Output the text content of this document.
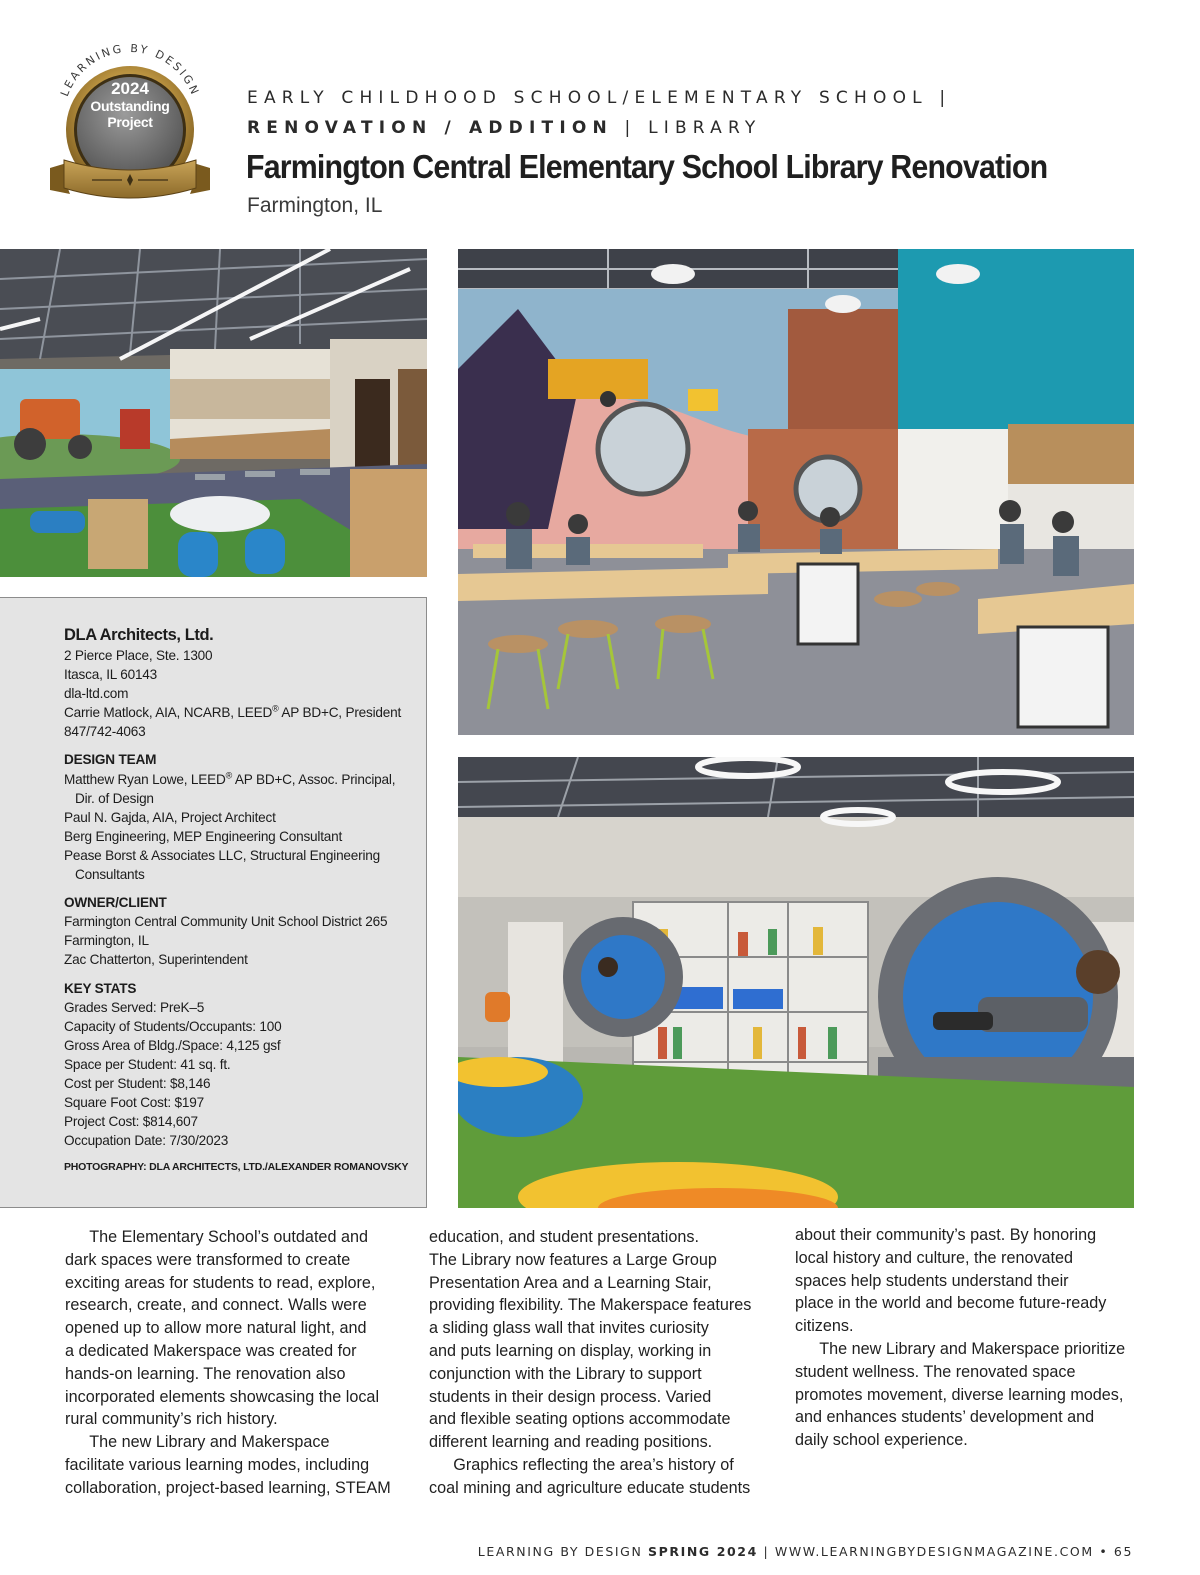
LEARNING BY DESIGN
2024
Outstanding
Project
EARLY CHILDHOOD SCHOOL/ELEMENTARY SCHOOL |
RENOVATION / ADDITION | LIBRARY
Farmington Central Elementary School Library Renovation
Farmington, IL
DLA Architects, Ltd.
2 Pierce Place, Ste. 1300
Itasca, IL 60143
dla-ltd.com
Carrie Matlock, AIA, NCARB, LEED® AP BD+C, President
847/742-4063
DESIGN TEAM
Matthew Ryan Lowe, LEED® AP BD+C, Assoc. Principal,
Dir. of Design
Paul N. Gajda, AIA, Project Architect
Berg Engineering, MEP Engineering Consultant
Pease Borst & Associates LLC, Structural Engineering
Consultants
OWNER/CLIENT
Farmington Central Community Unit School District 265
Farmington, IL
Zac Chatterton, Superintendent
KEY STATS
Grades Served: PreK–5
Capacity of Students/Occupants: 100
Gross Area of Bldg./Space: 4,125 gsf
Space per Student: 41 sq. ft.
Cost per Student: $8,146
Square Foot Cost: $197
Project Cost: $814,607
Occupation Date: 7/30/2023
PHOTOGRAPHY: DLA ARCHITECTS, LTD./ALEXANDER ROMANOVSKY

  The Elementary School’s outdated and

dark spaces were transformed to create

exciting areas for students to read, explore,

research, create, and connect. Walls were

opened up to allow more natural light, and

a dedicated Makerspace was created for

hands-on learning. The renovation also

incorporated elements showcasing the local

rural community’s rich history.

  The new Library and Makerspace

facilitate various learning modes, including

collaboration, project-based learning, STEAM

education, and student presentations.

The Library now features a Large Group

Presentation Area and a Learning Stair,

providing flexibility. The Makerspace features

a sliding glass wall that invites curiosity

and puts learning on display, working in

conjunction with the Library to support

students in their design process. Varied

and flexible seating options accommodate

different learning and reading positions.

  Graphics reflecting the area’s history of

coal mining and agriculture educate students

about their community’s past. By honoring

local history and culture, the renovated

spaces help students understand their

place in the world and become future-ready

citizens.

  The new Library and Makerspace prioritize

student wellness. The renovated space

promotes movement, diverse learning modes,

and enhances students’ development and

daily school experience.

LEARNING BY DESIGN SPRING 2024 | WWW.LEARNINGBYDESIGNMAGAZINE.COM • 65
